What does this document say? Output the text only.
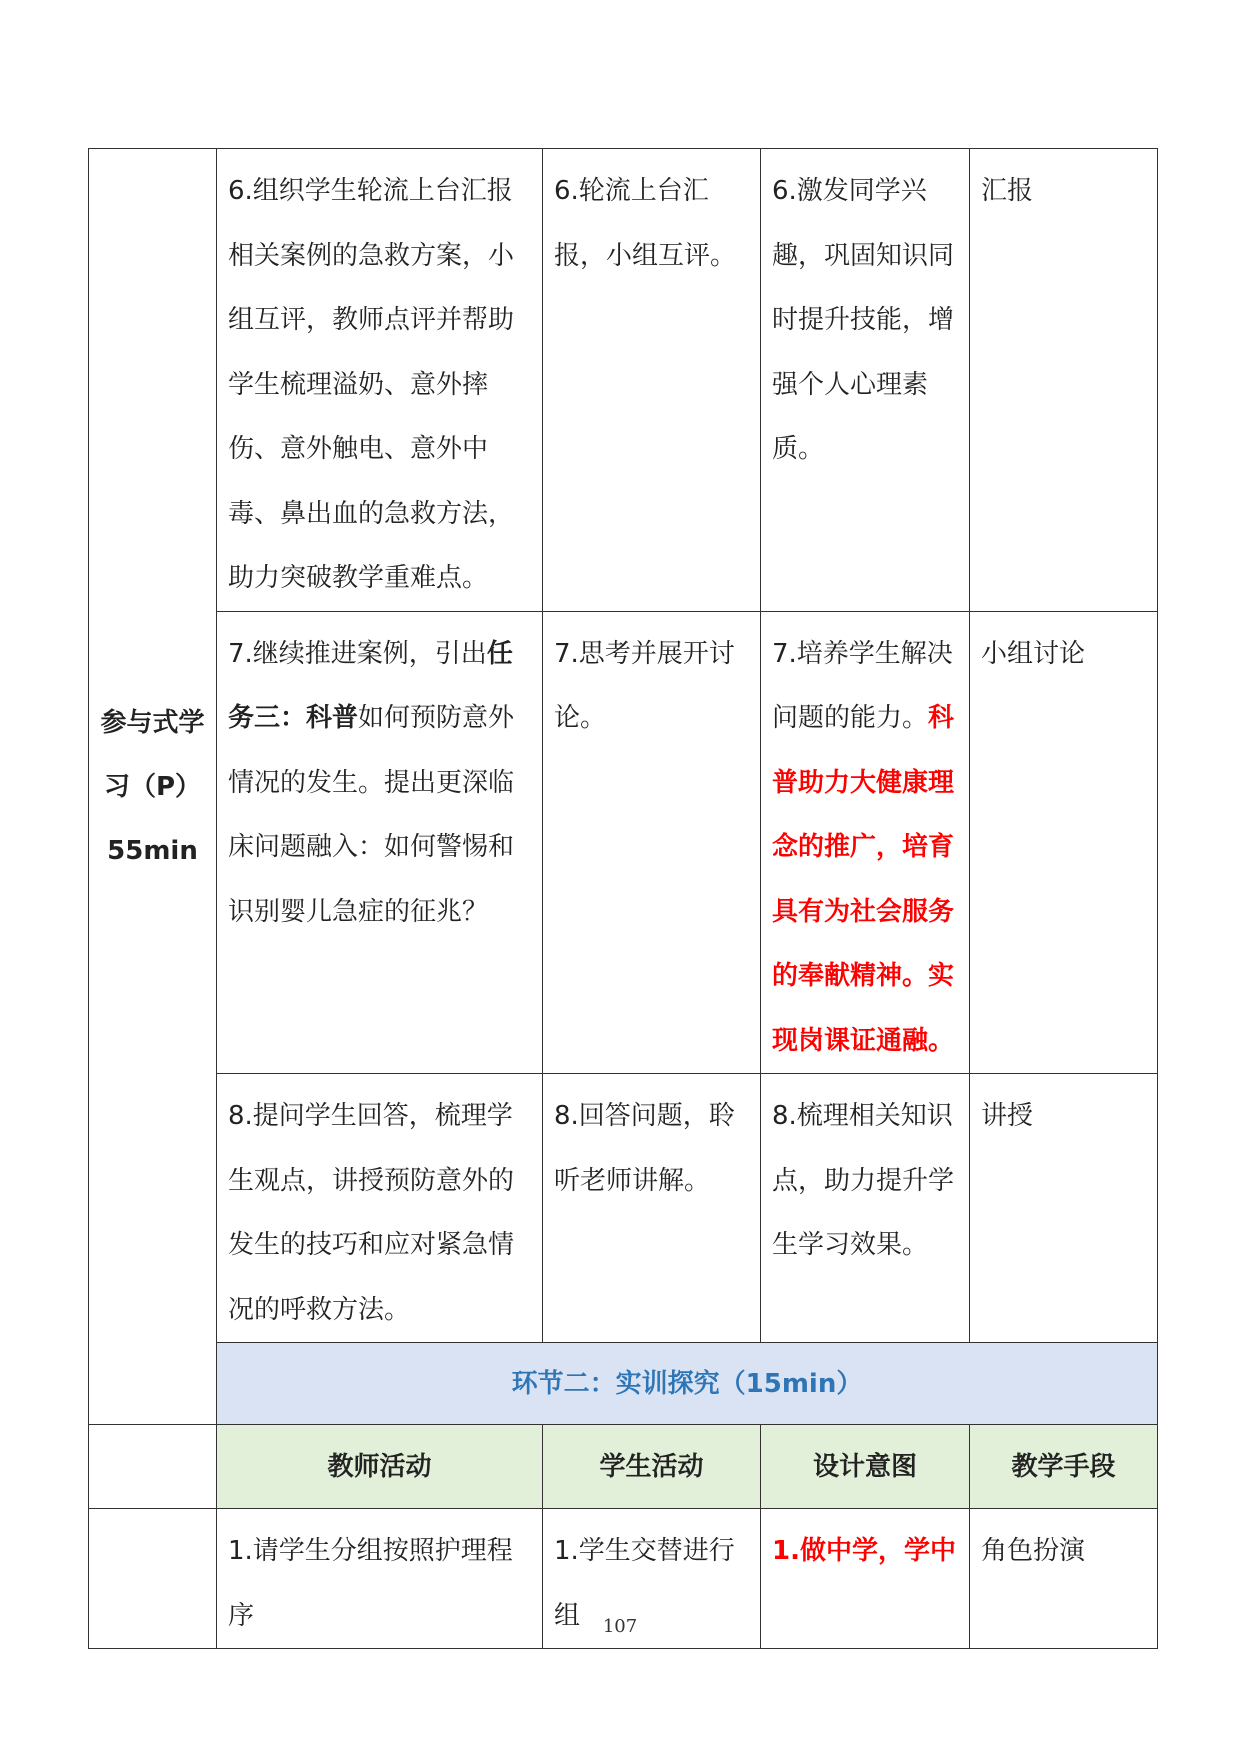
参与式学
习（P）
55min	6.组织学生轮流上台汇报相关案例的急救方案，小组互评，教师点评并帮助学生梳理溢奶、意外摔伤、意外触电、意外中毒、鼻出血的急救方法，助力突破教学重难点。	6.轮流上台汇报，小组互评。	6.激发同学兴趣，巩固知识同时提升技能，增强个人心理素质。	汇报
	7.继续推进案例，引出任务三：科普如何预防意外情况的发生。提出更深临床问题融入：如何警惕和识别婴儿急症的征兆？	7.思考并展开讨论。	7.培养学生解决问题的能力。科普助力大健康理念的推广，培育具有为社会服务的奉献精神。实现岗课证通融。	小组讨论
	8.提问学生回答，梳理学生观点，讲授预防意外的发生的技巧和应对紧急情况的呼救方法。	8.回答问题，聆听老师讲解。	8.梳理相关知识点，助力提升学生学习效果。	讲授
	环节二：实训探究（15min）			
	教师活动	学生活动	设计意图	教学手段
	1.请学生分组按照护理程序	1.学生交替进行组	1.做中学，学中	角色扮演
107
